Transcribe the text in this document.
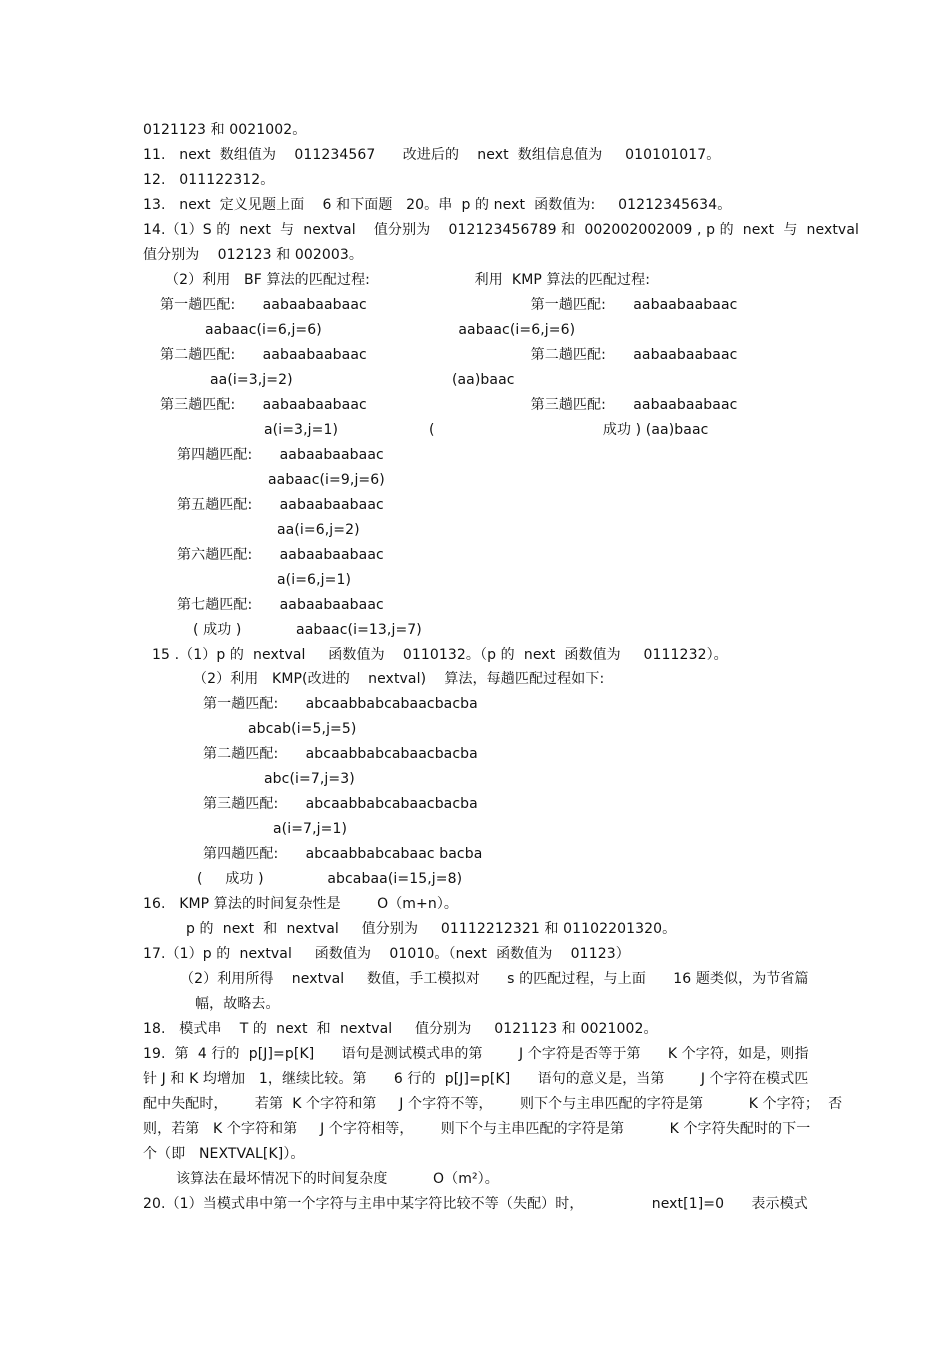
0121123 和 0021002。

11.   next  数组值为    011234567      改进后的    next  数组信息值为     010101017。

12.   011122312。

13.   next  定义见题上面    6 和下面题   20。串  p 的 next  函数值为:     01212345634。

14.（1）S 的  next  与  nextval    值分别为    012123456789 和  002002002009 , p 的  next  与  nextval

值分别为    012123 和 002003。

（2）利用   BF 算法的匹配过程:                       利用  KMP 算法的匹配过程:

第一趟匹配:      aabaabaabaac                                    第一趟匹配:      aabaabaabaac

aabaac(i=6,j=6)                              aabaac(i=6,j=6)

第二趟匹配:      aabaabaabaac                                    第二趟匹配:      aabaabaabaac

aa(i=3,j=2)                                   (aa)baac

第三趟匹配:      aabaabaabaac                                    第三趟匹配:      aabaabaabaac

a(i=3,j=1)                    (                                     成功 ) (aa)baac

第四趟匹配:      aabaabaabaac

aabaac(i=9,j=6)

第五趟匹配:      aabaabaabaac

aa(i=6,j=2)

第六趟匹配:      aabaabaabaac

a(i=6,j=1)

第七趟匹配:      aabaabaabaac

( 成功 )            aabaac(i=13,j=7)

15 .（1）p 的  nextval     函数值为    0110132。（p 的  next  函数值为     0111232）。

（2）利用   KMP(改进的    nextval)    算法，每趟匹配过程如下:

第一趟匹配:      abcaabbabcabaacbacba

abcab(i=5,j=5)

第二趟匹配:      abcaabbabcabaacbacba

abc(i=7,j=3)

第三趟匹配:      abcaabbabcabaacbacba

a(i=7,j=1)

第四趟匹配:      abcaabbabcabaac bacba

(     成功 )              abcabaa(i=15,j=8)

16.   KMP 算法的时间复杂性是        O（m+n）。

p 的  next  和  nextval     值分别为     01112212321 和 01102201320。

17.（1）p 的  nextval     函数值为    01010。（next  函数值为    01123）

（2）利用所得    nextval     数值，手工模拟对      s 的匹配过程，与上面      16 题类似，为节省篇

幅，故略去。

18.   模式串    T 的  next  和  nextval     值分别为     0121123 和 0021002。

19.  第  4 行的  p[J]=p[K]      语句是测试模式串的第        J 个字符是否等于第      K 个字符，如是，则指

针 J 和 K 均增加   1，继续比较。第      6 行的  p[J]=p[K]      语句的意义是，当第        J 个字符在模式匹

配中失配时，      若第  K 个字符和第     J 个字符不等，      则下个与主串匹配的字符是第          K 个字符；  否

则，若第   K 个字符和第     J 个字符相等，      则下个与主串匹配的字符是第          K 个字符失配时的下一

个（即   NEXTVAL[K]）。

该算法在最坏情况下的时间复杂度          O（m²）。

20.（1）当模式串中第一个字符与主串中某字符比较不等（失配）时，               next[1]=0      表示模式
